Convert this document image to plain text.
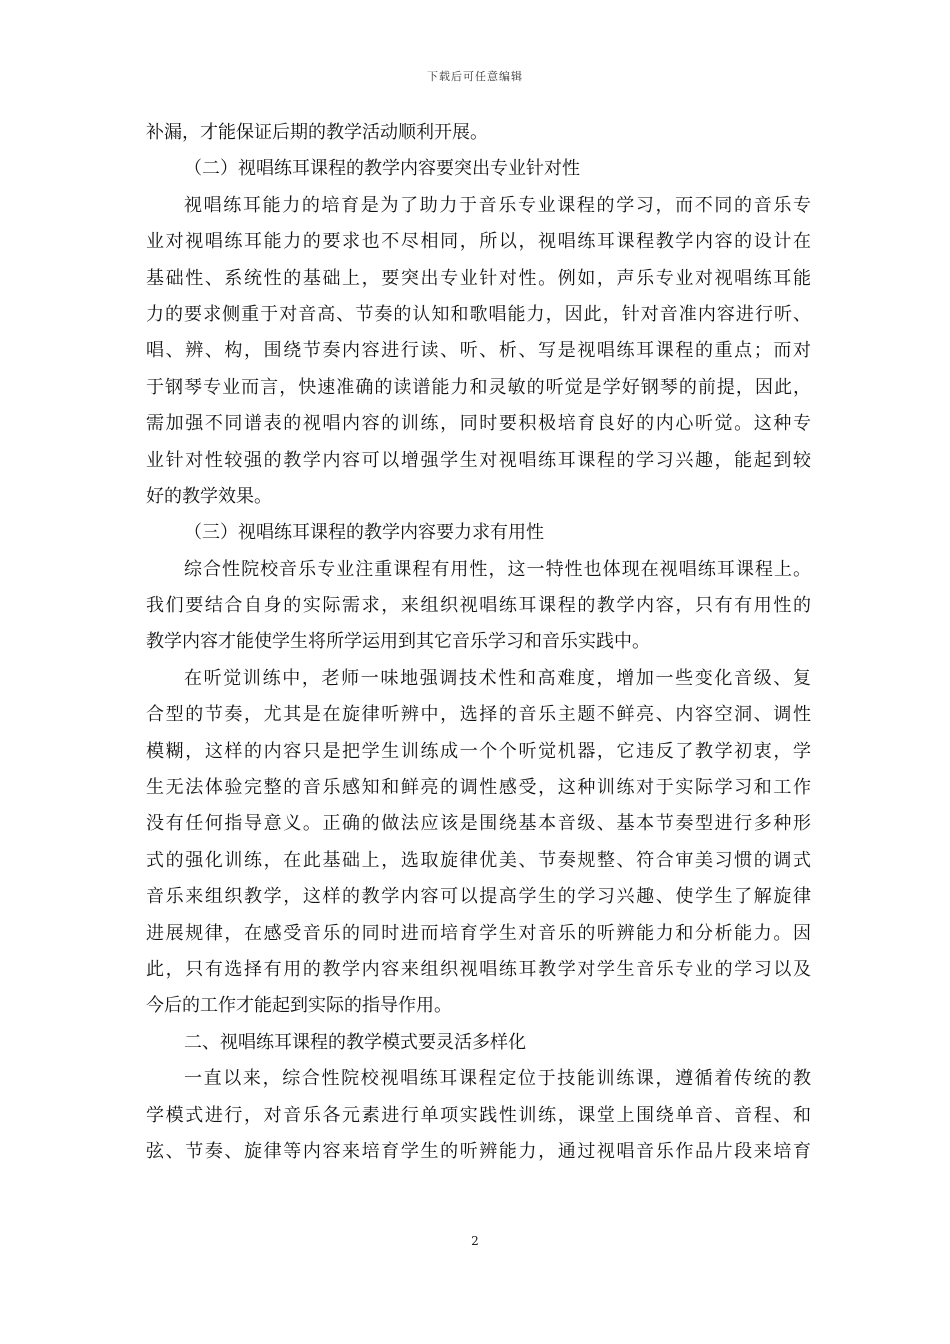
下载后可任意编辑
补漏，才能保证后期的教学活动顺利开展。
（二）视唱练耳课程的教学内容要突出专业针对性
视唱练耳能力的培育是为了助力于音乐专业课程的学习，而不同的音乐专
业对视唱练耳能力的要求也不尽相同，所以，视唱练耳课程教学内容的设计在
基础性、系统性的基础上，要突出专业针对性。例如，声乐专业对视唱练耳能
力的要求侧重于对音高、节奏的认知和歌唱能力，因此，针对音准内容进行听、
唱、辨、构，围绕节奏内容进行读、听、析、写是视唱练耳课程的重点；而对
于钢琴专业而言，快速准确的读谱能力和灵敏的听觉是学好钢琴的前提，因此，
需加强不同谱表的视唱内容的训练，同时要积极培育良好的内心听觉。这种专
业针对性较强的教学内容可以增强学生对视唱练耳课程的学习兴趣，能起到较
好的教学效果。
（三）视唱练耳课程的教学内容要力求有用性
综合性院校音乐专业注重课程有用性，这一特性也体现在视唱练耳课程上。
我们要结合自身的实际需求，来组织视唱练耳课程的教学内容，只有有用性的
教学内容才能使学生将所学运用到其它音乐学习和音乐实践中。
在听觉训练中，老师一味地强调技术性和高难度，增加一些变化音级、复
合型的节奏，尤其是在旋律听辨中，选择的音乐主题不鲜亮、内容空洞、调性
模糊，这样的内容只是把学生训练成一个个听觉机器，它违反了教学初衷，学
生无法体验完整的音乐感知和鲜亮的调性感受，这种训练对于实际学习和工作
没有任何指导意义。正确的做法应该是围绕基本音级、基本节奏型进行多种形
式的强化训练，在此基础上，选取旋律优美、节奏规整、符合审美习惯的调式
音乐来组织教学，这样的教学内容可以提高学生的学习兴趣、使学生了解旋律
进展规律，在感受音乐的同时进而培育学生对音乐的听辨能力和分析能力。因
此，只有选择有用的教学内容来组织视唱练耳教学对学生音乐专业的学习以及
今后的工作才能起到实际的指导作用。
二、视唱练耳课程的教学模式要灵活多样化
一直以来，综合性院校视唱练耳课程定位于技能训练课，遵循着传统的教
学模式进行，对音乐各元素进行单项实践性训练，课堂上围绕单音、音程、和
弦、节奏、旋律等内容来培育学生的听辨能力，通过视唱音乐作品片段来培育
2
